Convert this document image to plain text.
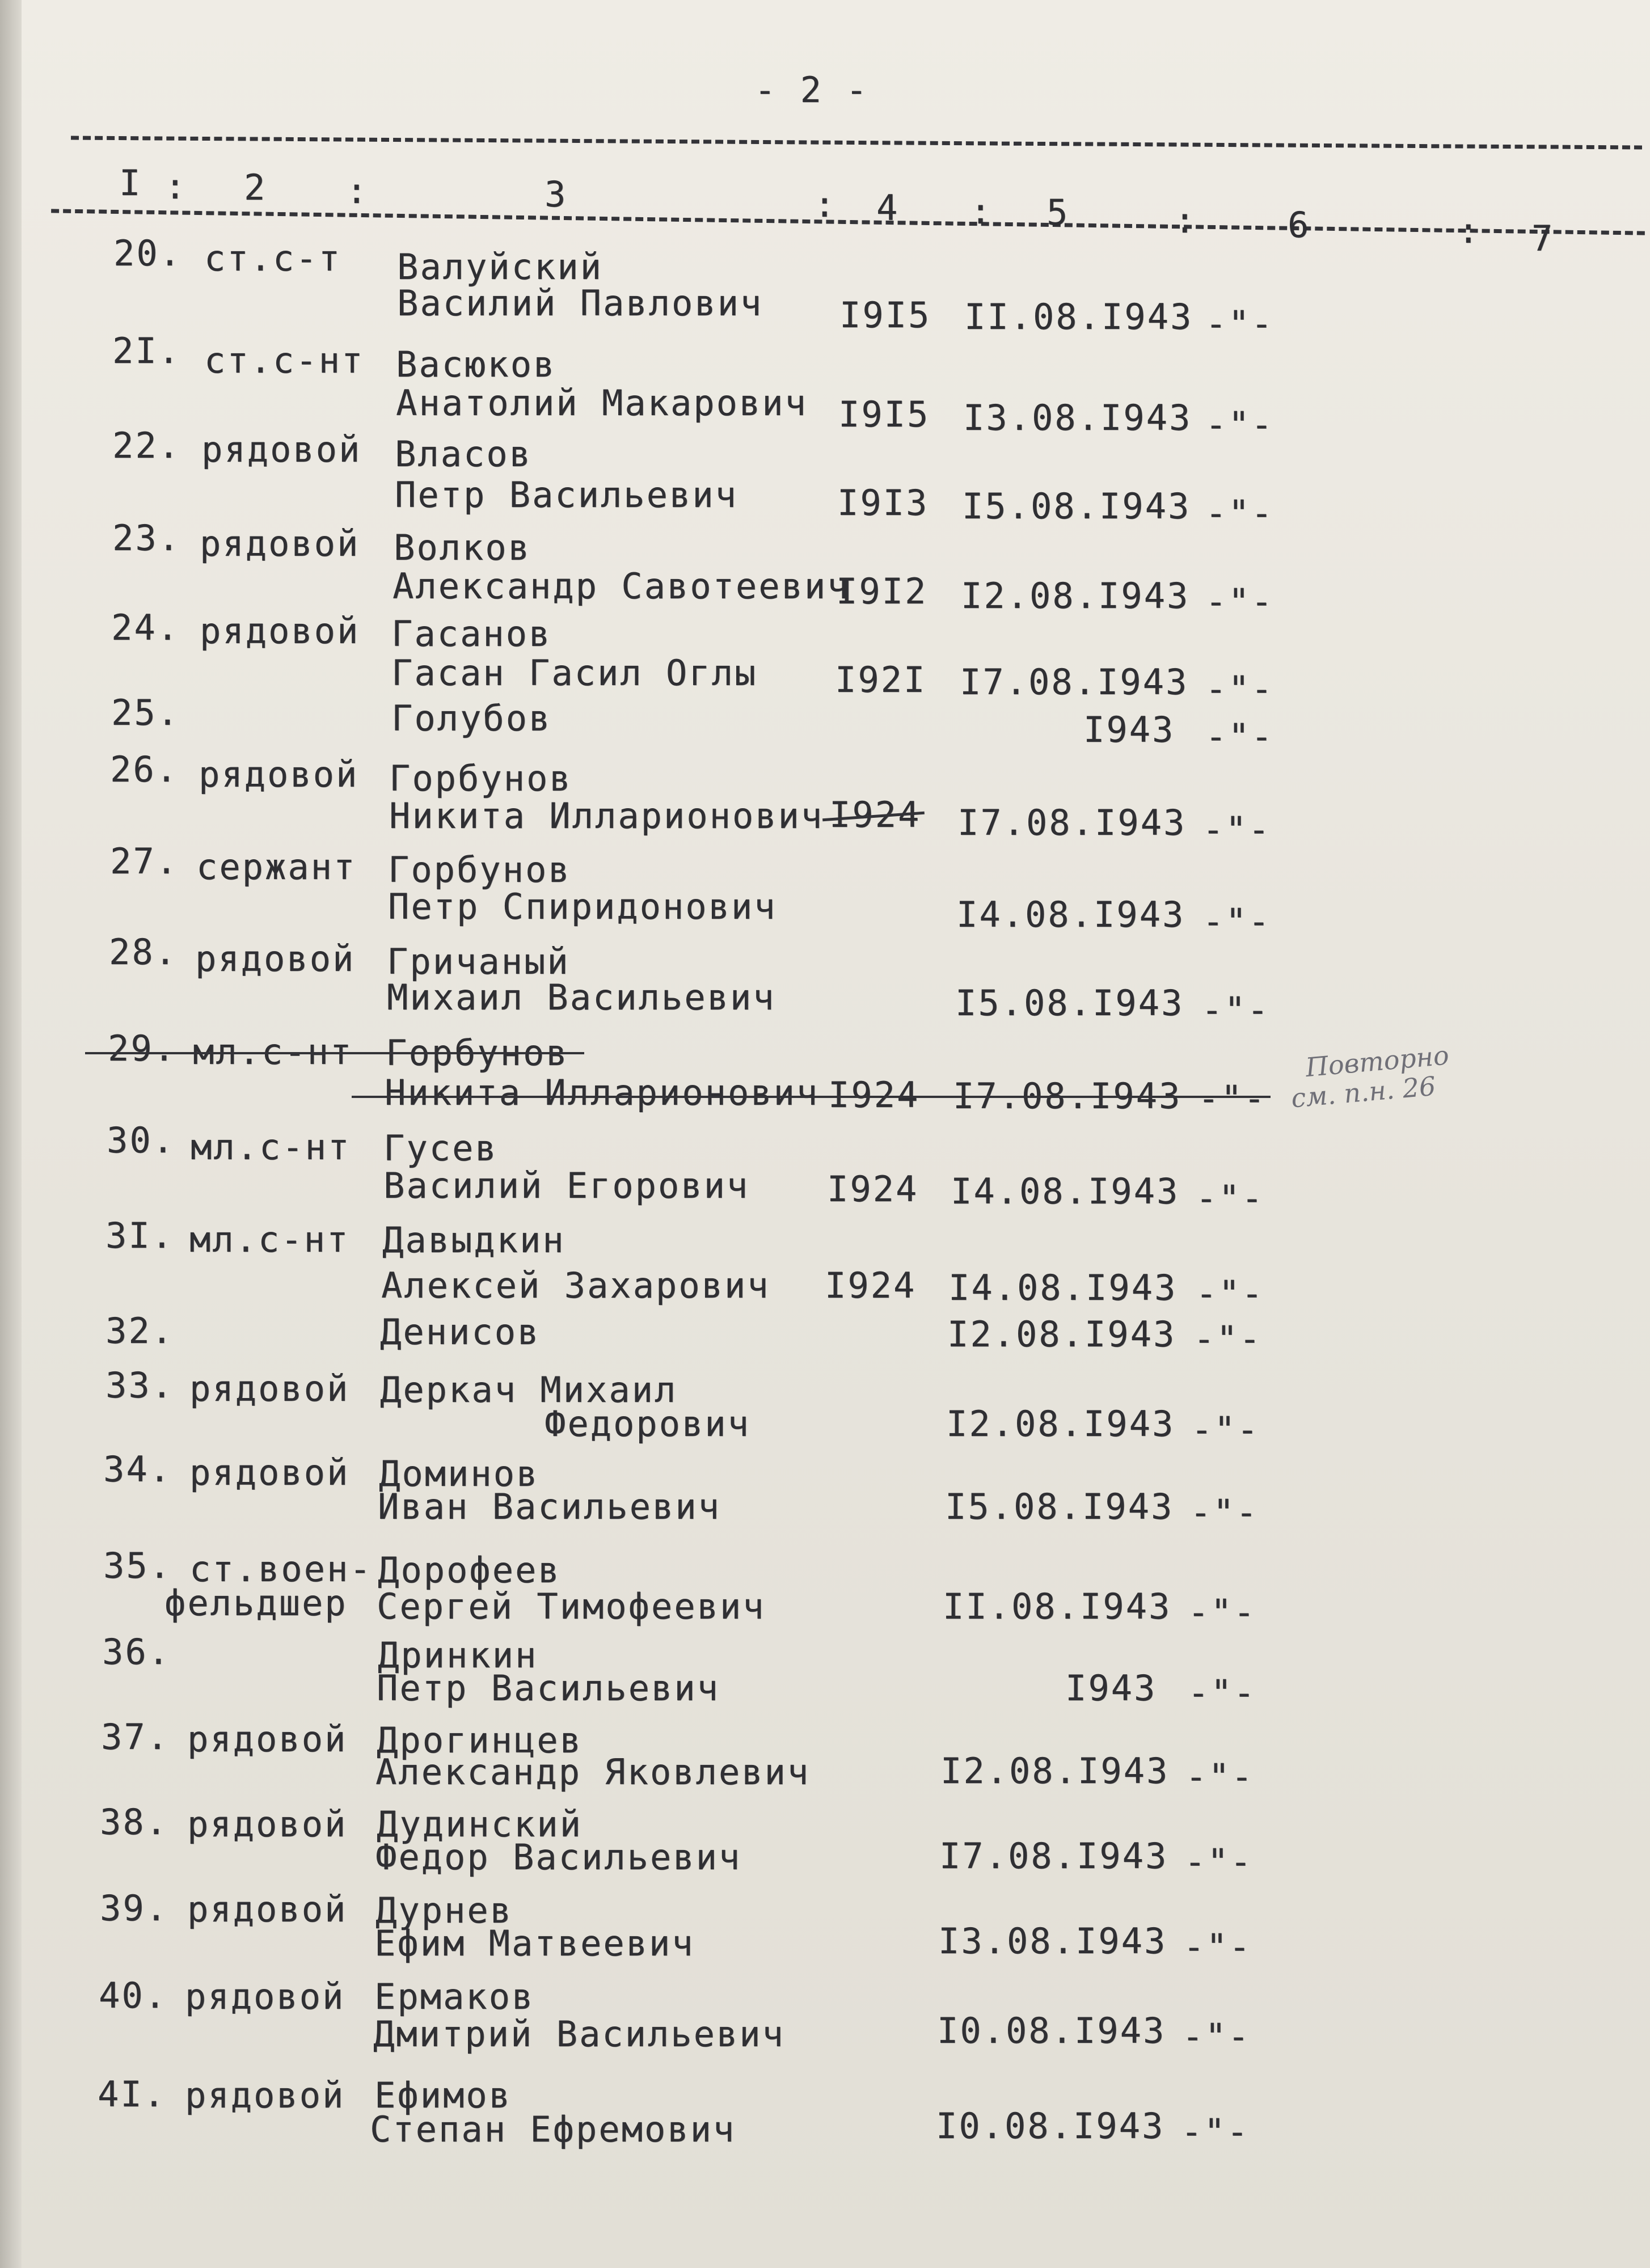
- 2 -
I : 2 :	3	: 4 : 5	:	6	: 7
20. ст.с-т Валуйский
Василий Павлович I9I5 II.08.I943 -"-
2I. ст.с-нт Васюков
Анатолий Макарович I9I5 I3.08.I943 -"-
22. рядовой Власов
Петр Васильевич	I9I3 I5.08.I943 -"-
23. рядовой Волков
Александр Савотеевич
I9I2 I2.08.I943 -"-
24. рядовой Гасанов
Гасан Гасил Оглы I92I I7.08.I943 -"-
25.	Голубов	I943 -"-
26. рядовой Горбунов
Никита Илларионович I924 I7.08.I943 -"-
27. сержант Горбунов
Петр Спиридонович	I4.08.I943 -"-
28. рядовой Гричаный
Михаил Васильевич	I5.08.I943 -"-
29. мл.с-нт Горбунов
Никита Илларионович I924 I7.08.I943 -"-
Повторно
см. п.н. 26
30. мл.с-нт Гусев
Василий Егорович I924 I4.08.I943 -"-
3I. мл.с-нт Давыдкин
Алексей Захарович I924 I4.08.I943 -"-
32.	Денисов	I2.08.I943 -"-
33. рядовой Деркач Михаил
Федорович	I2.08.I943 -"-
34. рядовой Доминов
Иван Васильевич	I5.08.I943 -"-
35. ст.воен-
фельдшер
Дорофеев
Сергей Тимофеевич	II.08.I943 -"-
36.	Дринкин
Петр Васильевич	I943 -"-
37. рядовой Дрогинцев
Александр Яковлевич	I2.08.I943 -"-
38. рядовой Дудинский
Федор Васильевич	I7.08.I943 -"-
39. рядовой Дурнев
Ефим Матвеевич	I3.08.I943 -"-
40. рядовой Ермаков
Дмитрий Васильевич	I0.08.I943 -"-
4I. рядовой Ефимов
Степан Ефремович	I0.08.I943 -"-
